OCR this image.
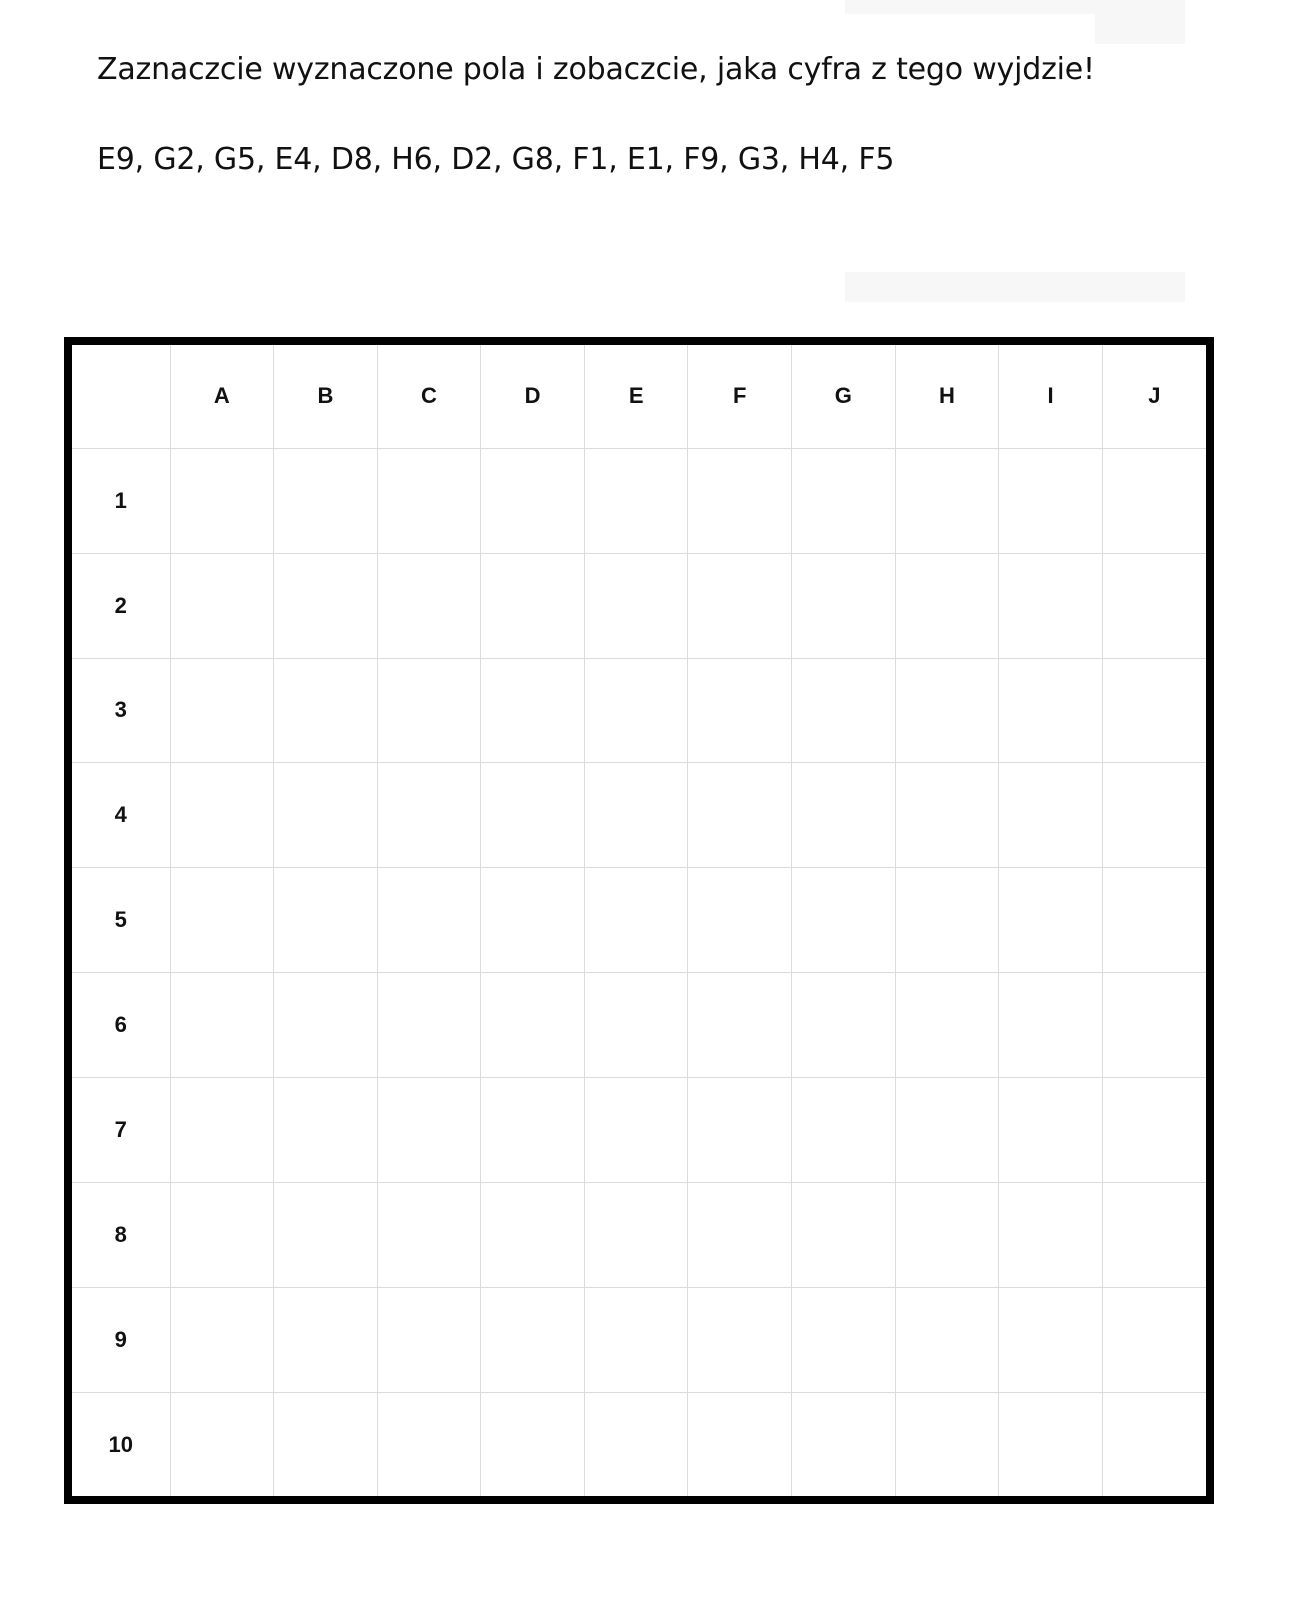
Zaznaczcie wyznaczone pola i zobaczcie, jaka cyfra z tego wyjdzie!

E9, G2, G5, E4, D8, H6, D2, G8, F1, E1, F9, G3, H4, F5

	A	B	C	D	E	F	G	H	I	J
1										
2										
3										
4										
5										
6										
7										
8										
9										
10										
